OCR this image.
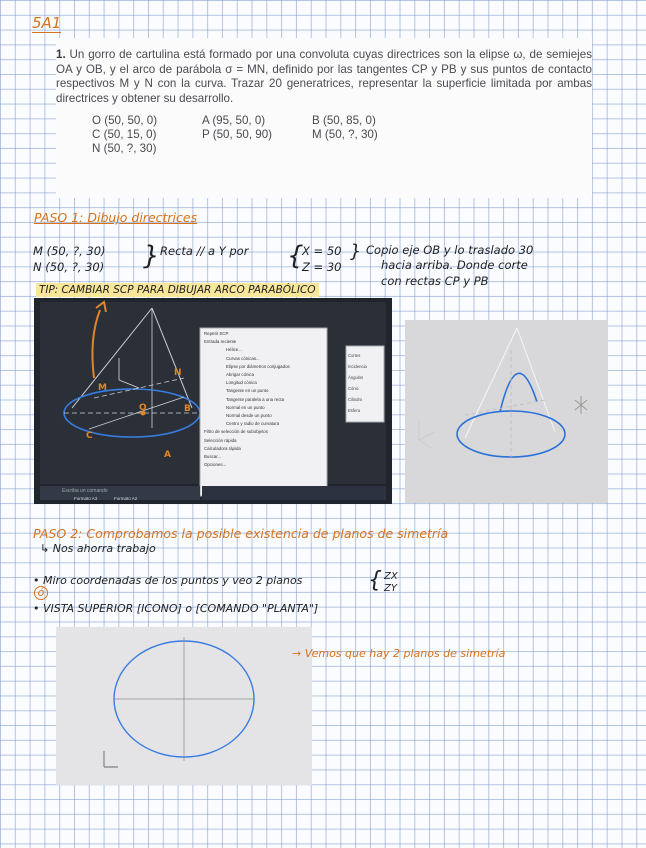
5A1

1. Un gorro de cartulina está formado por una convoluta cuyas directrices son la elipse ω, de semiejes OA y OB, y el arco de parábola σ = MN, definido por las tangentes CP y PB y sus puntos de contacto respectivos M y N con la curva. Trazar 20 generatrices, representar la superficie limitada por ambas directrices y obtener su desarrollo.

O (50, 50, 0)	A (95, 50, 0)	B (50, 85, 0)
C (50, 15, 0)	P (50, 50, 90)	M (50, ?, 30)
N (50, ?, 30)
PASO 1: Dibujo directrices
M (50, ?, 30)
N (50, ?, 30) } Recta // a Y por {
X = 50
Z = 30
} Copio eje OB y lo traslado 30
hacia arriba. Donde corte
con rectas CP y PB
TIP: CAMBIAR SCP PARA DIBUJAR ARCO PARABÓLICO
M
N
O	B
C
A
Repetir SCP
Entrada reciente
Hélice...
Curvas cónicas...
Elipse por diámetros conjugados
Abrigar cónica
Longitud cónica
Tangente en un punto
Tangente paralela a una recta
Normal en un punto
Normal desde un punto
Centro y radio de curvatura
Filtro de selección de subobjetos
Selección rápida
Calculadora rápida
Buscar...
Opciones...
Cortes
Incidencia
Ángulos
Cónic
Cilindro
Esfera
Escriba un comando
Formato A3	Formato A2
PASO 2: Comprobamos la posible existencia de planos de simetría
↳ Nos ahorra trabajo
• Miro coordenadas de los puntos y veo 2 planos	{ ZX
ZY
ó
• VISTA SUPERIOR [ICONO] o [COMANDO "PLANTA"]
→ Vemos que hay 2 planos de simetría
